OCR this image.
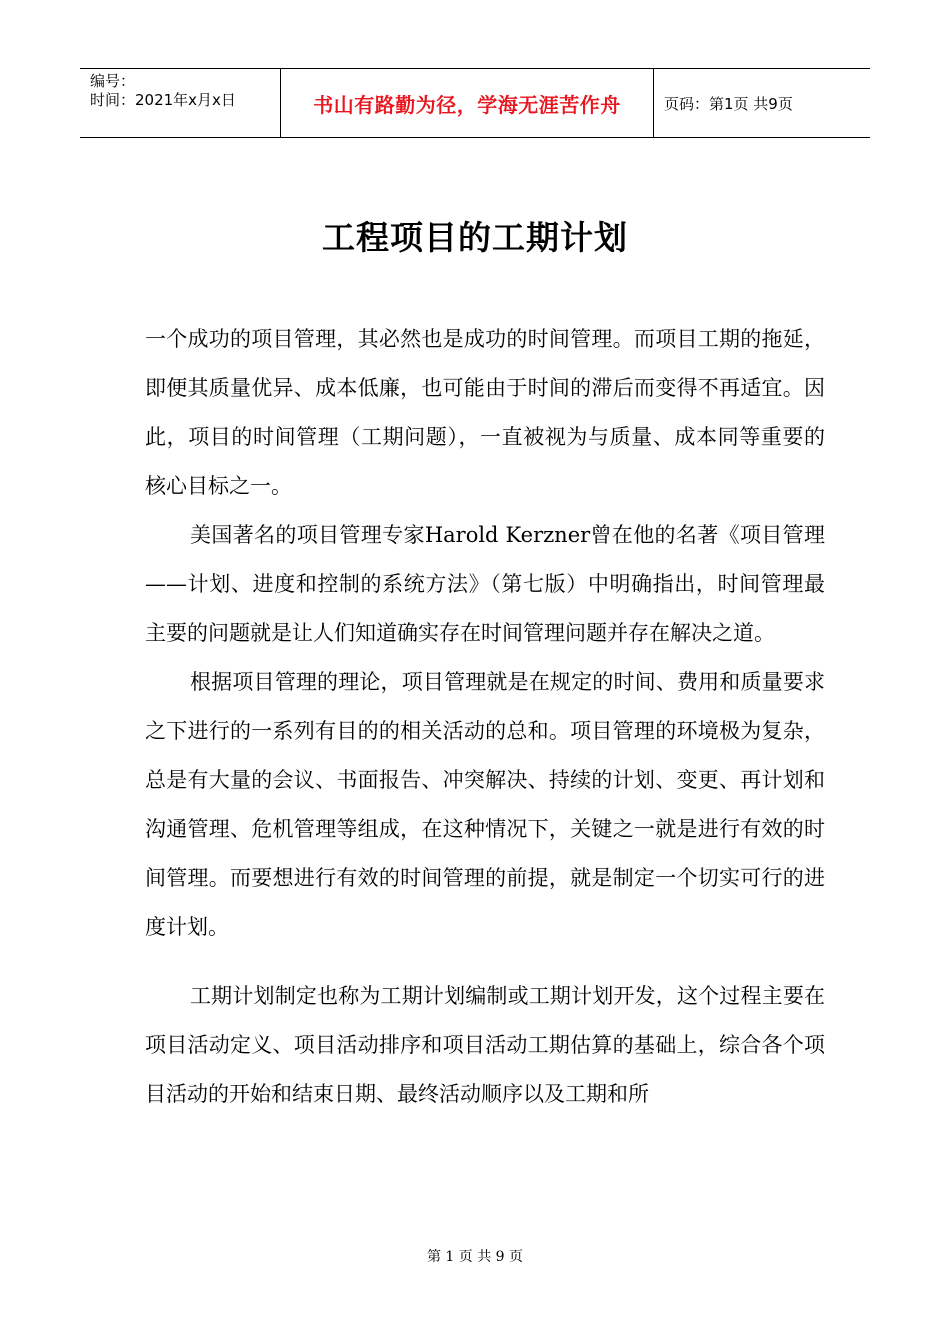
编号：
时间：2021年x月x日	书山有路勤为径，学海无涯苦作舟	页码：第1页 共9页
工程项目的工期计划

一个成功的项目管理，其必然也是成功的时间管理。而项目工期的拖延，即便其质量优异、成本低廉，也可能由于时间的滞后而变得不再适宜。因此，项目的时间管理（工期问题），一直被视为与质量、成本同等重要的核心目标之一。

美国著名的项目管理专家Harold Kerzner曾在他的名著《项目管理——计划、进度和控制的系统方法》（第七版）中明确指出，时间管理最主要的问题就是让人们知道确实存在时间管理问题并存在解决之道。

根据项目管理的理论，项目管理就是在规定的时间、费用和质量要求之下进行的一系列有目的的相关活动的总和。项目管理的环境极为复杂，总是有大量的会议、书面报告、冲突解决、持续的计划、变更、再计划和沟通管理、危机管理等组成，在这种情况下，关键之一就是进行有效的时间管理。而要想进行有效的时间管理的前提，就是制定一个切实可行的进度计划。

工期计划制定也称为工期计划编制或工期计划开发，这个过程主要在项目活动定义、项目活动排序和项目活动工期估算的基础上，综合各个项目活动的开始和结束日期、最终活动顺序以及工期和所

第 1 页 共 9 页
